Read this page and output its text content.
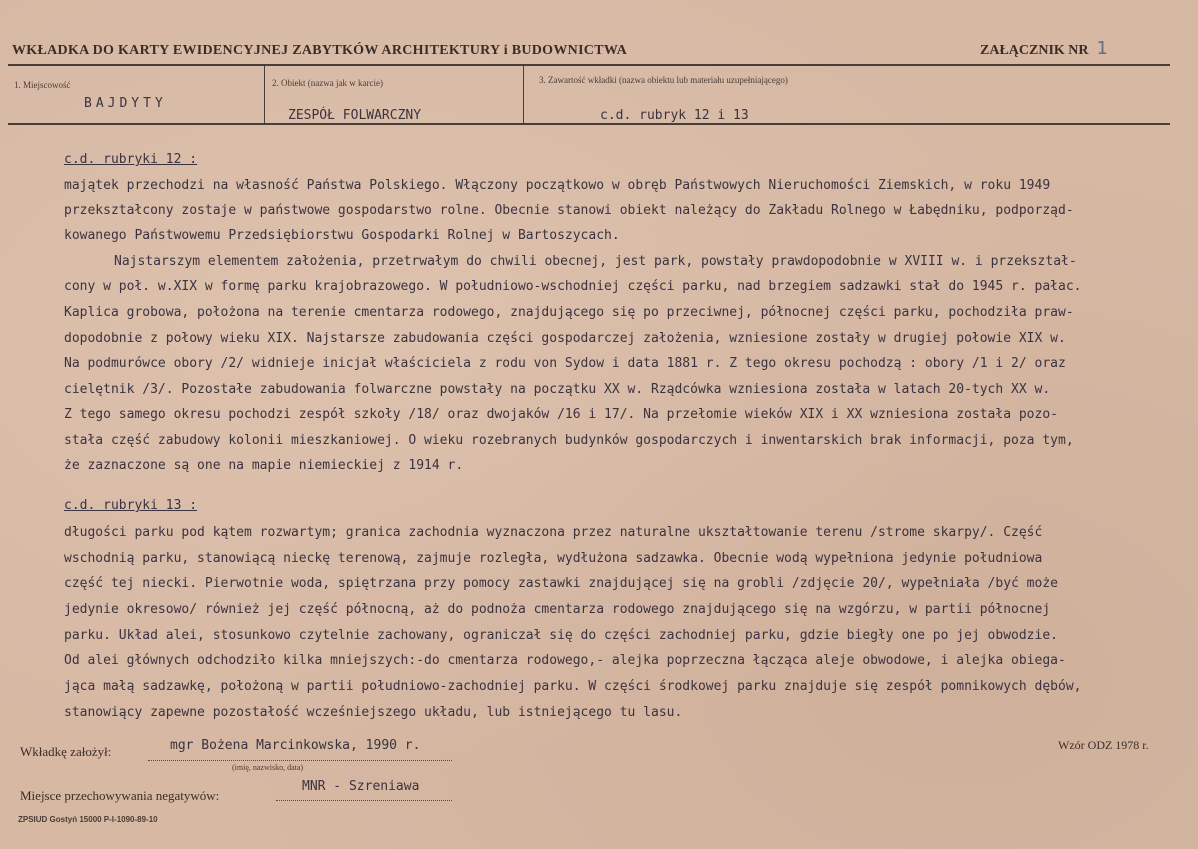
WKŁADKA DO KARTY EWIDENCYJNEJ ZABYTKÓW ARCHITEKTURY i BUDOWNICTWA	ZAŁĄCZNIK NR 1
1. Miejscowość
BAJDYTY
2. Obiekt (nazwa jak w karcie)
ZESPÓŁ FOLWARCZNY
3. Zawartość wkładki (nazwa obiektu lub materiału uzupełniającego)
c.d. rubryk 12 i 13
c.d. rubryki 12 :
majątek przechodzi na własność Państwa Polskiego. Włączony początkowo w obręb Państwowych Nieruchomości Ziemskich, w roku 1949
przekształcony zostaje w państwowe gospodarstwo rolne. Obecnie stanowi obiekt należący do Zakładu Rolnego w Łabędniku, podporząd-
kowanego Państwowemu Przedsiębiorstwu Gospodarki Rolnej w Bartoszycach.
Najstarszym elementem założenia, przetrwałym do chwili obecnej, jest park, powstały prawdopodobnie w XVIII w. i przekształ-
cony w poł. w.XIX w formę parku krajobrazowego. W południowo-wschodniej części parku, nad brzegiem sadzawki stał do 1945 r. pałac.
Kaplica grobowa, położona na terenie cmentarza rodowego, znajdującego się po przeciwnej, północnej części parku, pochodziła praw-
dopodobnie z połowy wieku XIX. Najstarsze zabudowania części gospodarczej założenia, wzniesione zostały w drugiej połowie XIX w.
Na podmurówce obory /2/ widnieje inicjał właściciela z rodu von Sydow i data 1881 r. Z tego okresu pochodzą : obory /1 i 2/ oraz
cielętnik /3/. Pozostałe zabudowania folwarczne powstały na początku XX w. Rządcówka wzniesiona została w latach 20-tych XX w.
Z tego samego okresu pochodzi zespół szkoły /18/ oraz dwojaków /16 i 17/. Na przełomie wieków XIX i XX wzniesiona została pozo-
stała część zabudowy kolonii mieszkaniowej. O wieku rozebranych budynków gospodarczych i inwentarskich brak informacji, poza tym,
że zaznaczone są one na mapie niemieckiej z 1914 r.
c.d. rubryki 13 :
długości parku pod kątem rozwartym; granica zachodnia wyznaczona przez naturalne ukształtowanie terenu /strome skarpy/. Część
wschodnią parku, stanowiącą nieckę terenową, zajmuje rozległa, wydłużona sadzawka. Obecnie wodą wypełniona jedynie południowa
część tej niecki. Pierwotnie woda, spiętrzana przy pomocy zastawki znajdującej się na grobli /zdjęcie 20/, wypełniała /być może
jedynie okresowo/ również jej część północną, aż do podnoża cmentarza rodowego znajdującego się na wzgórzu, w partii północnej
parku. Układ alei, stosunkowo czytelnie zachowany, ograniczał się do części zachodniej parku, gdzie biegły one po jej obwodzie.
Od alei głównych odchodziło kilka mniejszych:-do cmentarza rodowego,- alejka poprzeczna łącząca aleje obwodowe, i alejka obiega-
jąca małą sadzawkę, położoną w partii południowo-zachodniej parku. W części środkowej parku znajduje się zespół pomnikowych dębów,
stanowiący zapewne pozostałość wcześniejszego układu, lub istniejącego tu lasu.
Wkładkę założył:	mgr Bożena Marcinkowska, 1990 r.
(imię, nazwisko, data)
Wzór ODZ 1978 r.
Miejsce przechowywania negatywów:
MNR - Szreniawa
ZPSIUD Gostyń 15000 P-I-1090-89-10
